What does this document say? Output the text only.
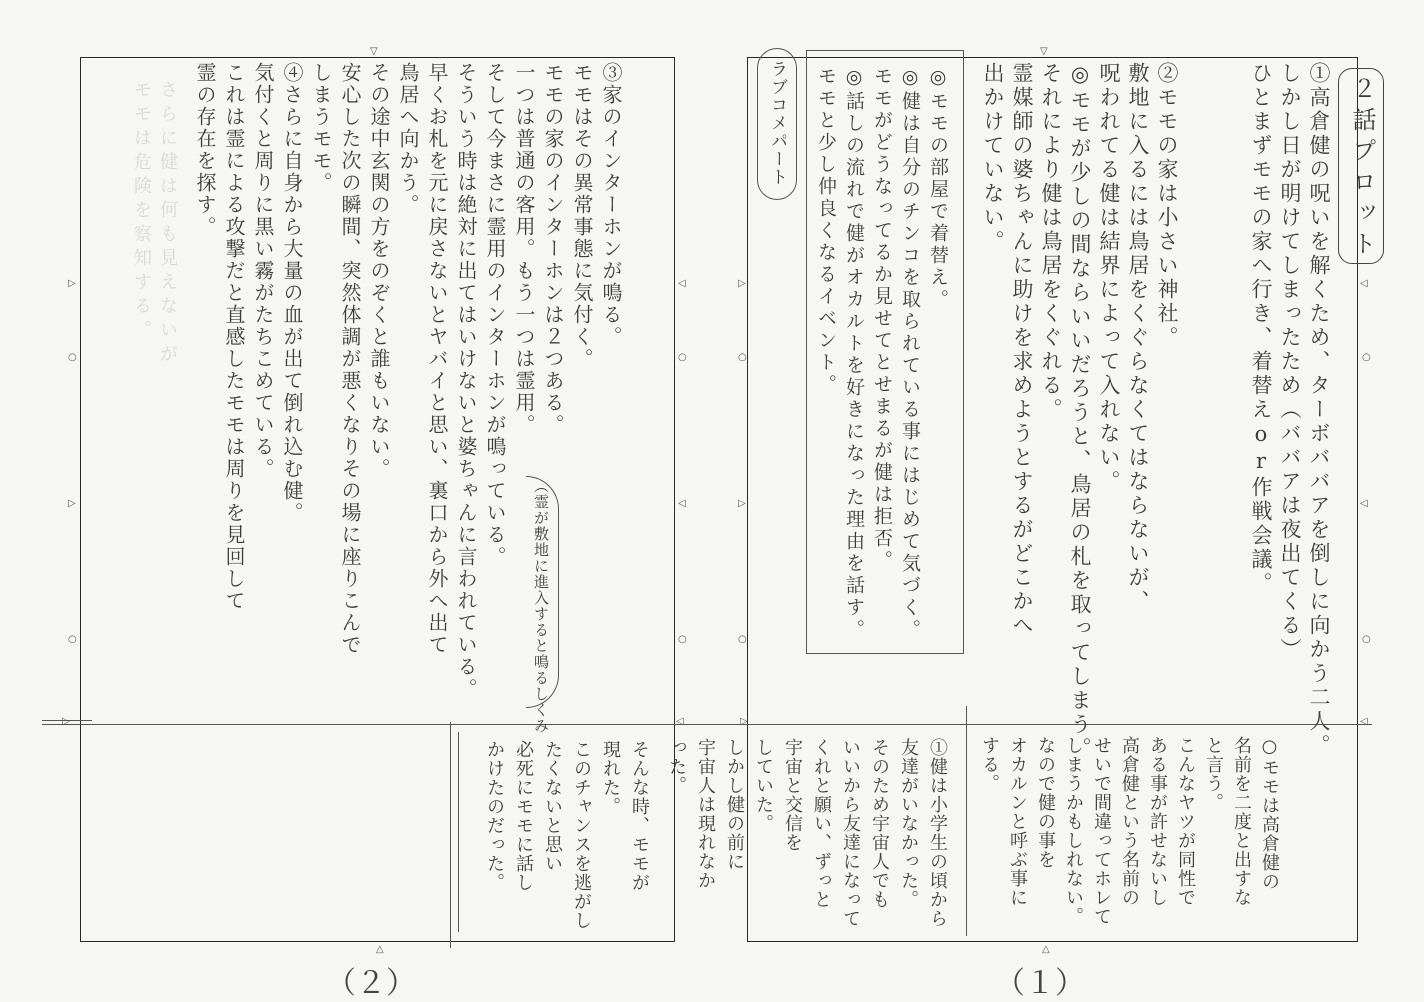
２話プロット
①高倉健の呪いを解くため、ターボババアを倒しに向かう二人。
しかし日が明けてしまったため（ババアは夜出てくる）
ひとまずモモの家へ行き、着替えor作戦会議。
②モモの家は小さい神社。
敷地に入るには鳥居をくぐらなくてはならないが、
呪われてる健は結界によって入れない。
◎モモが少しの間ならいいだろうと、鳥居の札を取ってしまう。
それにより健は鳥居をくぐれる。
霊媒師の婆ちゃんに助けを求めようとするがどこかへ
出かけていない。
◎モモの部屋で着替え。
◎健は自分のチンコを取られている事にはじめて気づく。
モモがどうなってるか見せてとせまるが健は拒否。
◎話しの流れで健がオカルトを好きになった理由を話す。
モモと少し仲良くなるイベント。
ラブコメパート
○モモは高倉健の
名前を二度と出すな
と言う。
こんなヤツが同性で
ある事が許せないし
高倉健という名前の
せいで間違ってホレて
しまうかもしれない。
なので健の事を
オカルンと呼ぶ事に
する。
①健は小学生の頃から
友達がいなかった。
そのため宇宙人でも
いいから友達になって
くれと願い、ずっと
宇宙と交信を
していた。
しかし健の前に
宇宙人は現れなか
った。
さらに健は何も見えないが
モモは危険を察知する。	③家のインターホンが鳴る。
モモはその異常事態に気付く。
モモの家のインターホンは２つある。
一つは普通の客用。もう一つは霊用。
そして今まさに霊用のインターホンが鳴っている。
そういう時は絶対に出てはいけないと婆ちゃんに言われている。
早くお札を元に戻さないとヤバイと思い、裏口から外へ出て
鳥居へ向かう。
その途中玄関の方をのぞくと誰もいない。
安心した次の瞬間、突然体調が悪くなりその場に座りこんで
しまうモモ。
④さらに自身から大量の血が出て倒れ込む健。
気付くと周りに黒い霧がたちこめている。
これは霊による攻撃だと直感したモモは周りを見回して
霊の存在を探す。
（霊が敷地に進入すると鳴るしくみ
そんな時、モモが
現れた。
このチャンスを逃がし
たくないと思い
必死にモモに話し
かけたのだった。
（１）
（２）
▽	▽
△	△
▷
▷
○
○
◁
◁
○
○
▷
▷
○
○
◁
◁
○
○
▷	◁
◁	▷
